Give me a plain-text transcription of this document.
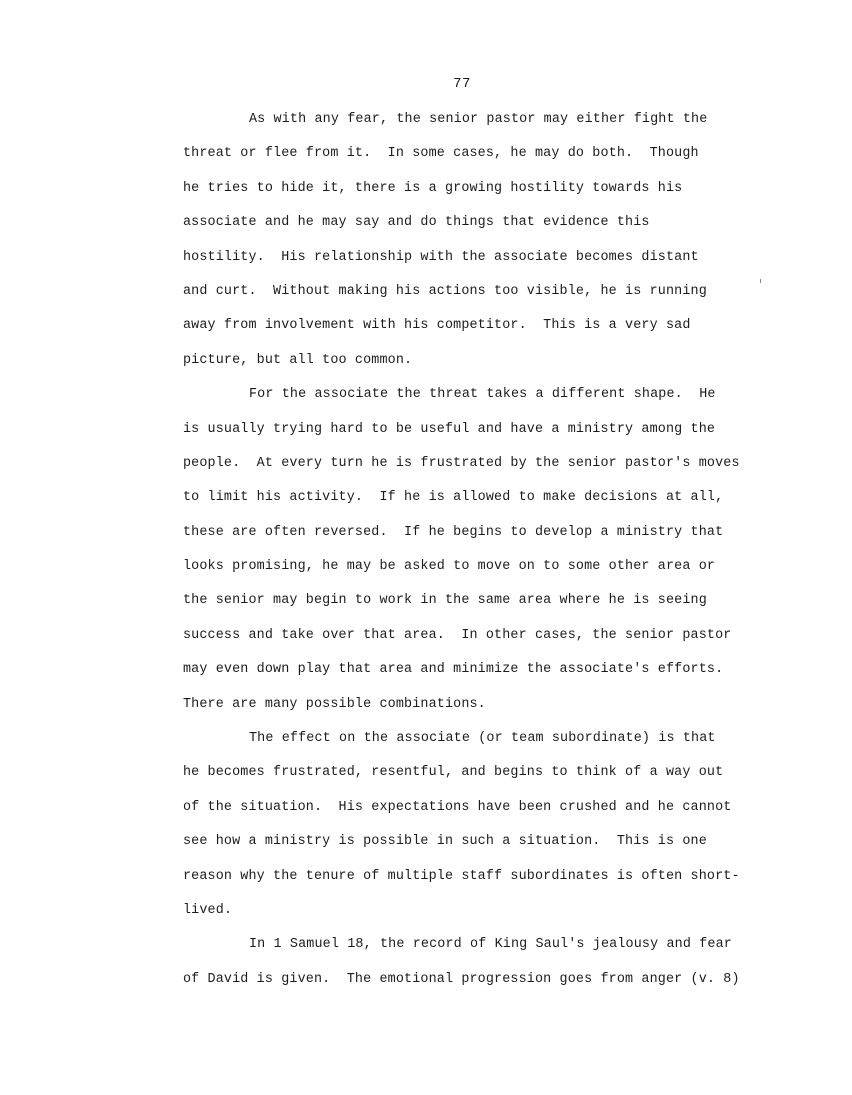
77
As with any fear, the senior pastor may either fight the
threat or flee from it.  In some cases, he may do both.  Though
he tries to hide it, there is a growing hostility towards his
associate and he may say and do things that evidence this
hostility.  His relationship with the associate becomes distant
and curt.  Without making his actions too visible, he is running
away from involvement with his competitor.  This is a very sad
picture, but all too common.
For the associate the threat takes a different shape.  He
is usually trying hard to be useful and have a ministry among the
people.  At every turn he is frustrated by the senior pastor's moves
to limit his activity.  If he is allowed to make decisions at all,
these are often reversed.  If he begins to develop a ministry that
looks promising, he may be asked to move on to some other area or
the senior may begin to work in the same area where he is seeing
success and take over that area.  In other cases, the senior pastor
may even down play that area and minimize the associate's efforts.
There are many possible combinations.
The effect on the associate (or team subordinate) is that
he becomes frustrated, resentful, and begins to think of a way out
of the situation.  His expectations have been crushed and he cannot
see how a ministry is possible in such a situation.  This is one
reason why the tenure of multiple staff subordinates is often short-
lived.
In 1 Samuel 18, the record of King Saul's jealousy and fear
of David is given.  The emotional progression goes from anger (v. 8)
